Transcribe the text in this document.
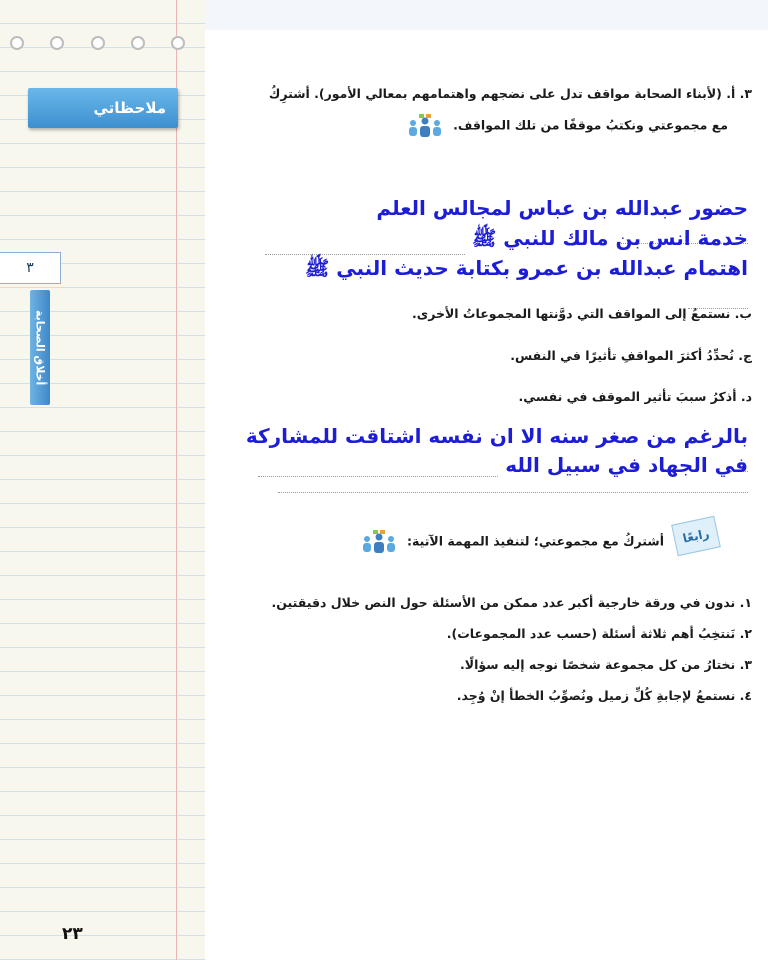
ملاحظاتي
٣
أخلاق الصحابة
٢٣
٣. أ. (لأبناء الصحابة مواقف تدل على نضجهم واهتمامهم بمعالي الأمور). أشترِكُ
مع مجموعتي ونكتبُ موقفًا من تلك المواقف.
حضور عبدالله بن عباس لمجالس العلم
خدمة انس بن مالك للنبي ﷺ
اهتمام عبدالله بن عمرو بكتابة حديث النبي ﷺ
ب. نستمعُ إلى المواقف التي دوَّنتها المجموعاتُ الأخرى.
ج. نُحدِّدُ أكثرَ المواقفِ تأثيرًا في النفس.
د. أذكرُ سببَ تأثير الموقف في نفسي.
بالرغم من صغر سنه الا ان نفسه اشتاقت للمشاركة
في الجهاد في سبيل الله
رابعًا
أشتركُ مع مجموعتي؛ لتنفيذ المهمة الآتية:
١. ندون في ورقة خارجية أكبر عدد ممكن من الأسئلة حول النص خلال دقيقتين.
٢. نَنتخِبُ أهم ثلاثة أسئلة (حسب عدد المجموعات).
٣. نختارُ من كل مجموعة شخصًا نوجه إليه سؤالًا.
٤. نستمعُ لإجابةِ كُلِّ زميل ونُصوِّبُ الخطأ إنْ وُجِد.
